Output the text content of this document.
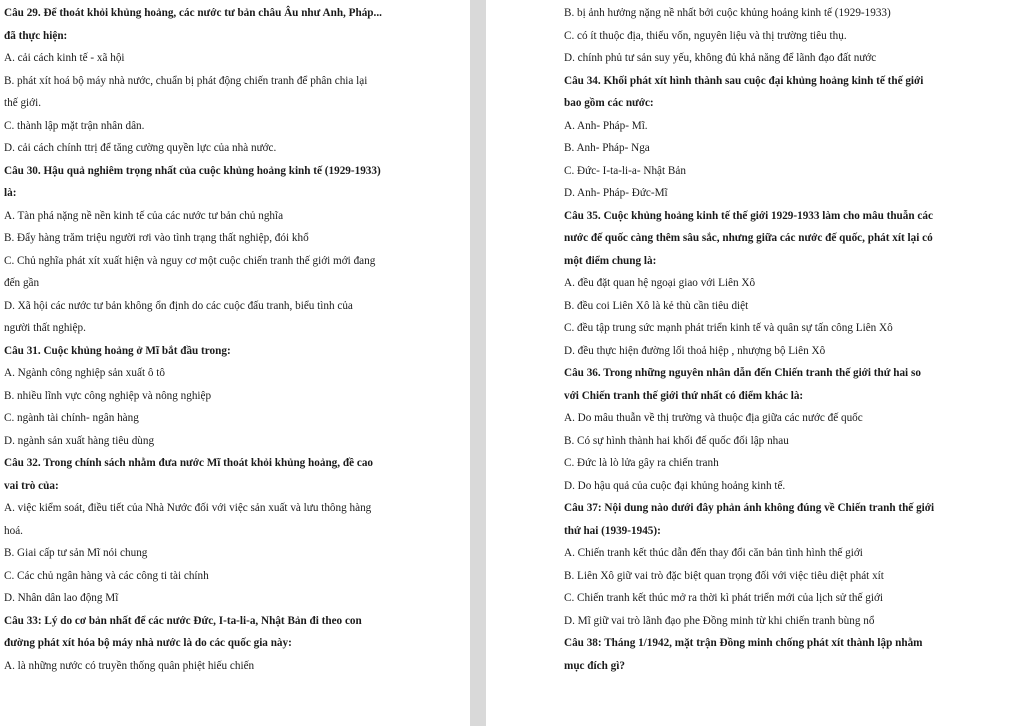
Câu 29. Để thoát khỏi khủng hoảng, các nước tư bản châu Âu như Anh, Pháp...
đã thực hiện:
A. cải cách kinh tế - xã hội
B. phát xít hoá bộ máy nhà nước, chuẩn bị phát động chiến tranh để phân chia lại
thế giới.
C. thành lập mặt trận nhân dân.
D. cải cách chính ttrị để tăng cường quyền lực của nhà nước.
Câu 30. Hậu quả nghiêm trọng nhất của cuộc khủng hoảng kinh tế (1929-1933)
là:
A. Tàn phá nặng nề nền kinh tế của các nước tư bản chủ nghĩa
B. Đẩy hàng trăm triệu người rơi vào tình trạng thất nghiệp, đói khổ
C. Chủ nghĩa phát xít xuất hiện và nguy cơ một cuộc chiến tranh thế giới mới đang
đến gần
D. Xã hội các nước tư bản không ổn định do các cuộc đấu tranh, biểu tình của
người thất nghiệp.
Câu 31. Cuộc khủng hoảng ở Mĩ bắt đầu trong:
A. Ngành công nghiệp sản xuất ô tô
B. nhiều lĩnh vực công nghiệp và nông nghiệp
C. ngành tài chính- ngân hàng
D. ngành sản xuất hàng tiêu dùng
Câu 32. Trong chính sách nhằm đưa nước Mĩ thoát khỏi khủng hoảng, đề cao
vai trò của:
A. việc kiểm soát, điều tiết của Nhà Nước đối với việc sản xuất và lưu thông hàng
hoá.
B. Giai cấp tư sản Mĩ nói chung
C. Các chủ ngân hàng và các công ti tài chính
D. Nhân dân lao động Mĩ
Câu 33: Lý do cơ bản nhất để các nước Đức, I-ta-li-a, Nhật Bản đi theo con
đường phát xít hóa bộ máy nhà nước là do các quốc gia này:
A. là những nước có truyền thống quân phiệt hiếu chiến
B. bị ảnh hưởng nặng nề nhất bởi cuộc khủng hoảng kinh tế (1929-1933)
C. có ít thuộc địa, thiếu vốn, nguyên liệu và thị trường tiêu thụ.
D. chính phủ tư sản suy yếu, không đủ khả năng để lãnh đạo đất nước
Câu 34. Khối phát xít hình thành sau cuộc đại khủng hoảng kinh tế thế giới
bao gồm các nước:
A. Anh- Pháp- Mĩ.
B. Anh- Pháp- Nga
C. Đức- I-ta-li-a- Nhật Bản
D. Anh- Pháp- Đức-Mĩ
Câu 35. Cuộc khủng hoảng kinh tế thế giới 1929-1933 làm cho mâu thuẫn các
nước đế quốc càng thêm sâu sắc, nhưng giữa các nước đế quốc, phát xít lại có
một điểm chung là:
A. đều đặt quan hệ ngoại giao với Liên Xô
B. đều coi Liên Xô là kẻ thù cần tiêu diệt
C. đều tập trung sức mạnh phát triển kinh tế và quân sự tấn công Liên Xô
D. đều thực hiện đường lối thoả hiệp , nhượng bộ Liên Xô
Câu 36. Trong những nguyên nhân dẫn đến Chiến tranh thế giới thứ hai so
với Chiến tranh thế giới thứ nhất có điểm khác là:
A. Do mâu thuẫn về thị trường và thuộc địa giữa các nước đế quốc
B. Có sự hình thành hai khối đế quốc đối lập nhau
C. Đức là lò lửa gây ra chiến tranh
D. Do hậu quả của cuộc đại khủng hoảng kinh tế.
Câu 37: Nội dung nào dưới đây phản ánh không đúng về Chiến tranh thế giới
thứ hai (1939-1945):
A. Chiến tranh kết thúc dẫn đến thay đổi căn bản tình hình thế giới
B. Liên Xô giữ vai trò đặc biệt quan trọng đối với việc tiêu diệt phát xít
C. Chiến tranh kết thúc mở ra thời kì phát triển mới của lịch sử thế giới
D. Mĩ giữ vai trò lãnh đạo phe Đồng minh từ khi chiến tranh bùng nổ
Câu 38: Tháng 1/1942, mặt trận Đồng minh chống phát xít thành lập nhằm
mục đích gì?
